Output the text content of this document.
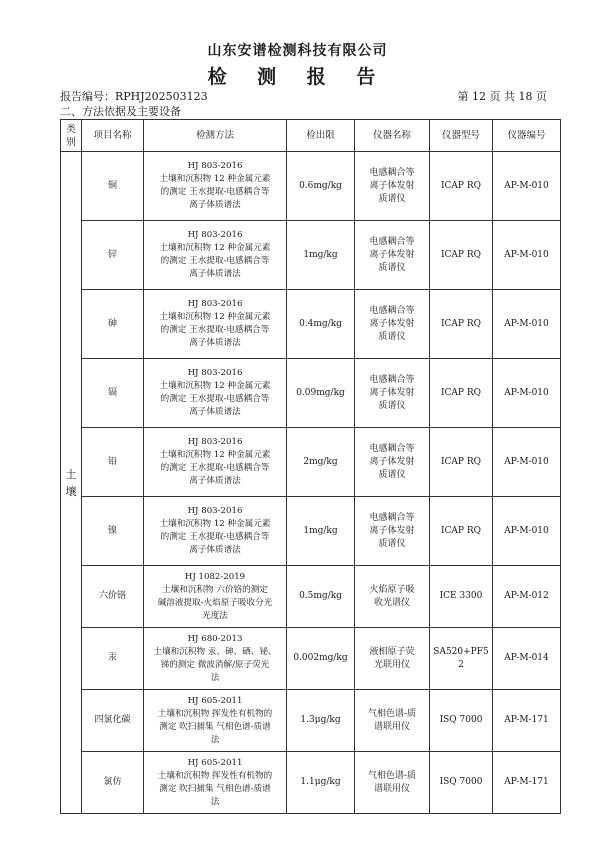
山东安谱检测科技有限公司
检 测 报 告
报告编号：RPHJ202503123	第 12 页 共 18 页
二、方法依据及主要设备
类别	项目名称	检测方法	检出限	仪器名称	仪器型号	仪器编号
土壤	铜	HJ 803-2016
土壤和沉积物 12 种金属元素
的测定 王水提取-电感耦合等
离子体质谱法	0.6mg/kg	电感耦合等
离子体发射
质谱仪	ICAP RQ	AP-M-010
	锌	HJ 803-2016
土壤和沉积物 12 种金属元素
的测定 王水提取-电感耦合等
离子体质谱法	1mg/kg	电感耦合等
离子体发射
质谱仪	ICAP RQ	AP-M-010
	砷	HJ 803-2016
土壤和沉积物 12 种金属元素
的测定 王水提取-电感耦合等
离子体质谱法	0.4mg/kg	电感耦合等
离子体发射
质谱仪	ICAP RQ	AP-M-010
	镉	HJ 803-2016
土壤和沉积物 12 种金属元素
的测定 王水提取-电感耦合等
离子体质谱法	0.09mg/kg	电感耦合等
离子体发射
质谱仪	ICAP RQ	AP-M-010
	铅	HJ 803-2016
土壤和沉积物 12 种金属元素
的测定 王水提取-电感耦合等
离子体质谱法	2mg/kg	电感耦合等
离子体发射
质谱仪	ICAP RQ	AP-M-010
	镍	HJ 803-2016
土壤和沉积物 12 种金属元素
的测定 王水提取-电感耦合等
离子体质谱法	1mg/kg	电感耦合等
离子体发射
质谱仪	ICAP RQ	AP-M-010
	六价铬	HJ 1082-2019
土壤和沉积物 六价铬的测定
碱溶液提取-火焰原子吸收分光
光度法	0.5mg/kg	火焰原子吸
收光谱仪	ICE 3300	AP-M-012
	汞	HJ 680-2013
土壤和沉积物 汞、砷、硒、铋、
锑的测定 微波消解/原子荧光
法	0.002mg/kg	液相原子荧
光联用仪	SA520+PF52	AP-M-014
	四氯化碳	HJ 605-2011
土壤和沉积物 挥发性有机物的
测定 吹扫捕集 气相色谱-质谱
法	1.3μg/kg	气相色谱-质
谱联用仪	ISQ 7000	AP-M-171
	氯仿	HJ 605-2011
土壤和沉积物 挥发性有机物的
测定 吹扫捕集 气相色谱-质谱
法	1.1μg/kg	气相色谱-质
谱联用仪	ISQ 7000	AP-M-171
